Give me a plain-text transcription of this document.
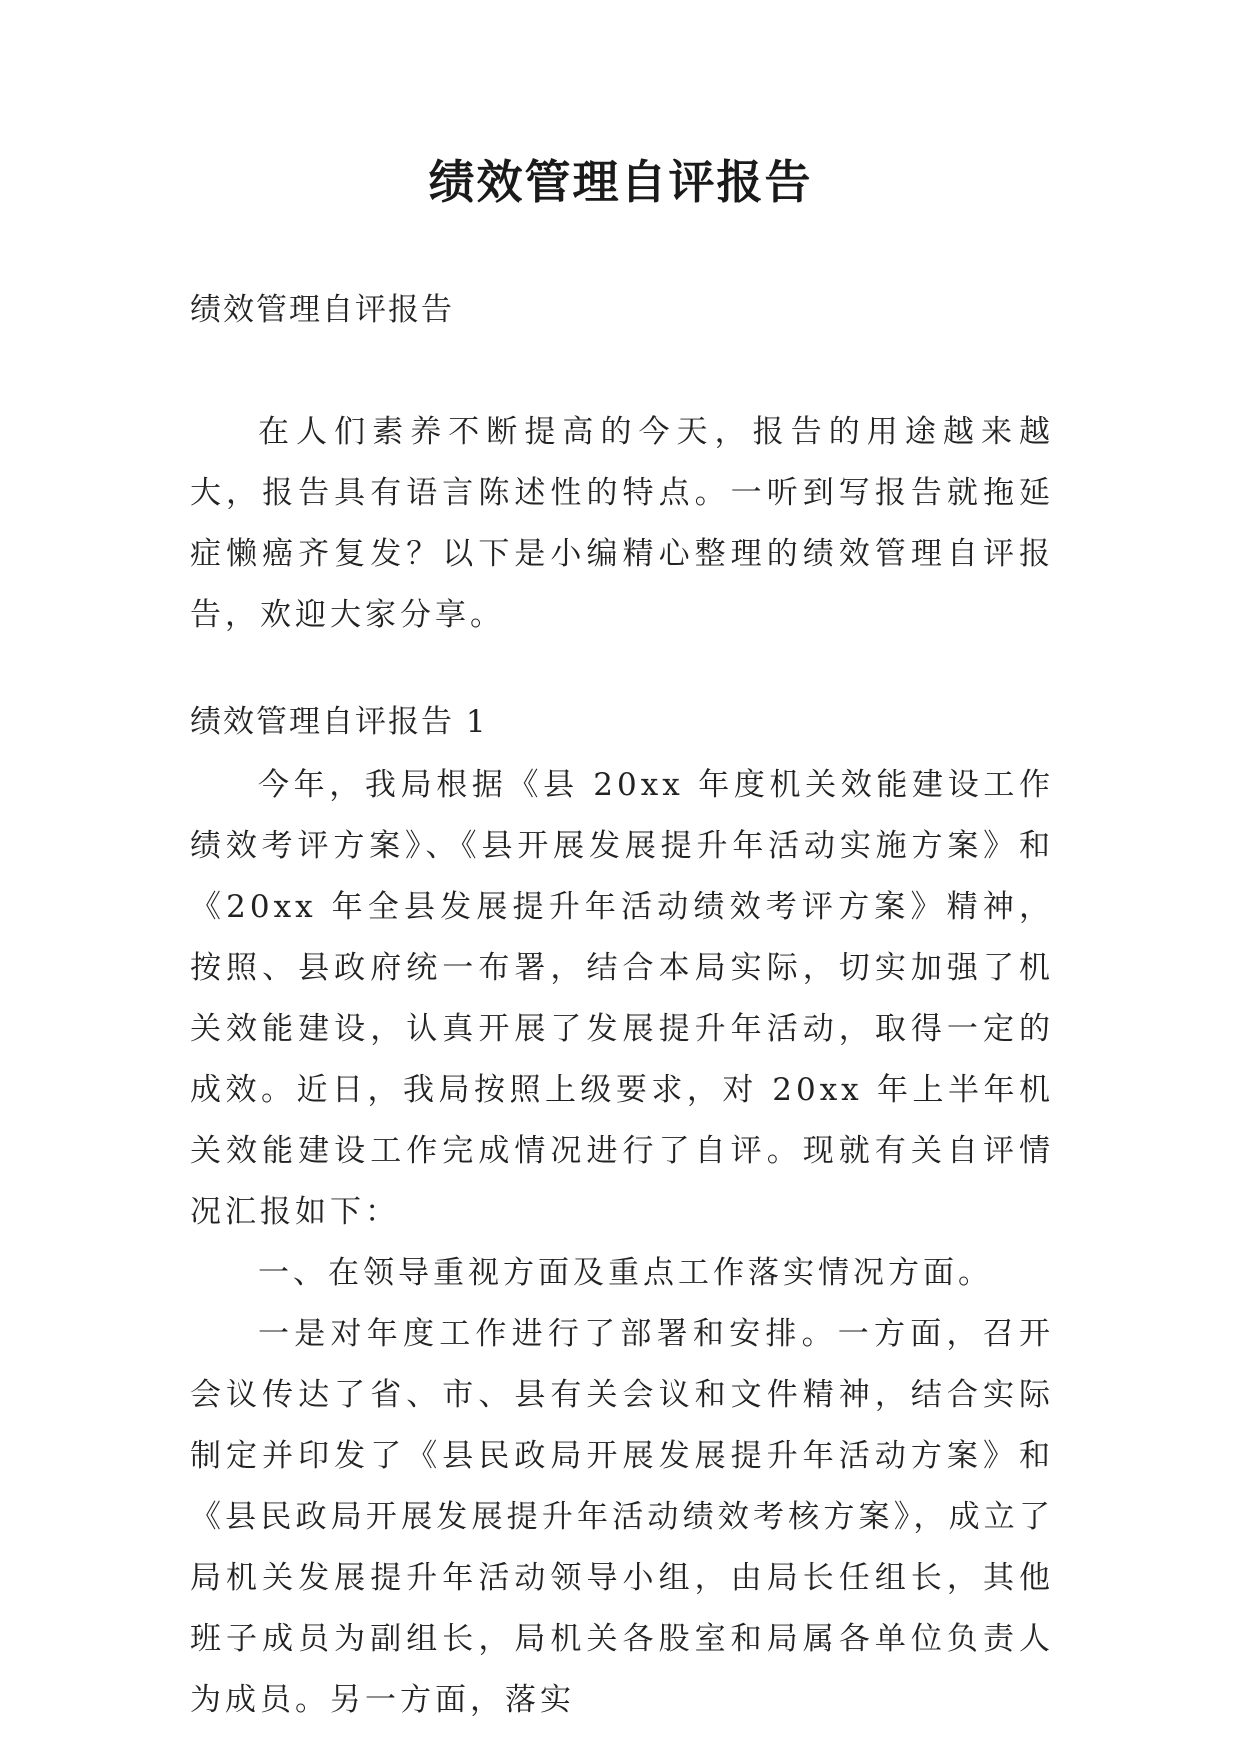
绩效管理自评报告

绩效管理自评报告

在人们素养不断提高的今天，报告的用途越来越大，报告具有语言陈述性的特点。一听到写报告就拖延症懒癌齐复发？以下是小编精心整理的绩效管理自评报告，欢迎大家分享。

绩效管理自评报告 1

今年，我局根据《县 20xx 年度机关效能建设工作绩效考评方案》、《县开展发展提升年活动实施方案》和《20xx 年全县发展提升年活动绩效考评方案》精神，按照、县政府统一布署，结合本局实际，切实加强了机关效能建设，认真开展了发展提升年活动，取得一定的成效。近日，我局按照上级要求，对 20xx 年上半年机关效能建设工作完成情况进行了自评。现就有关自评情况汇报如下：

一、在领导重视方面及重点工作落实情况方面。

一是对年度工作进行了部署和安排。一方面，召开会议传达了省、市、县有关会议和文件精神，结合实际制定并印发了《县民政局开展发展提升年活动方案》和《县民政局开展发展提升年活动绩效考核方案》，成立了局机关发展提升年活动领导小组，由局长任组长，其他班子成员为副组长，局机关各股室和局属各单位负责人为成员。另一方面，落实
